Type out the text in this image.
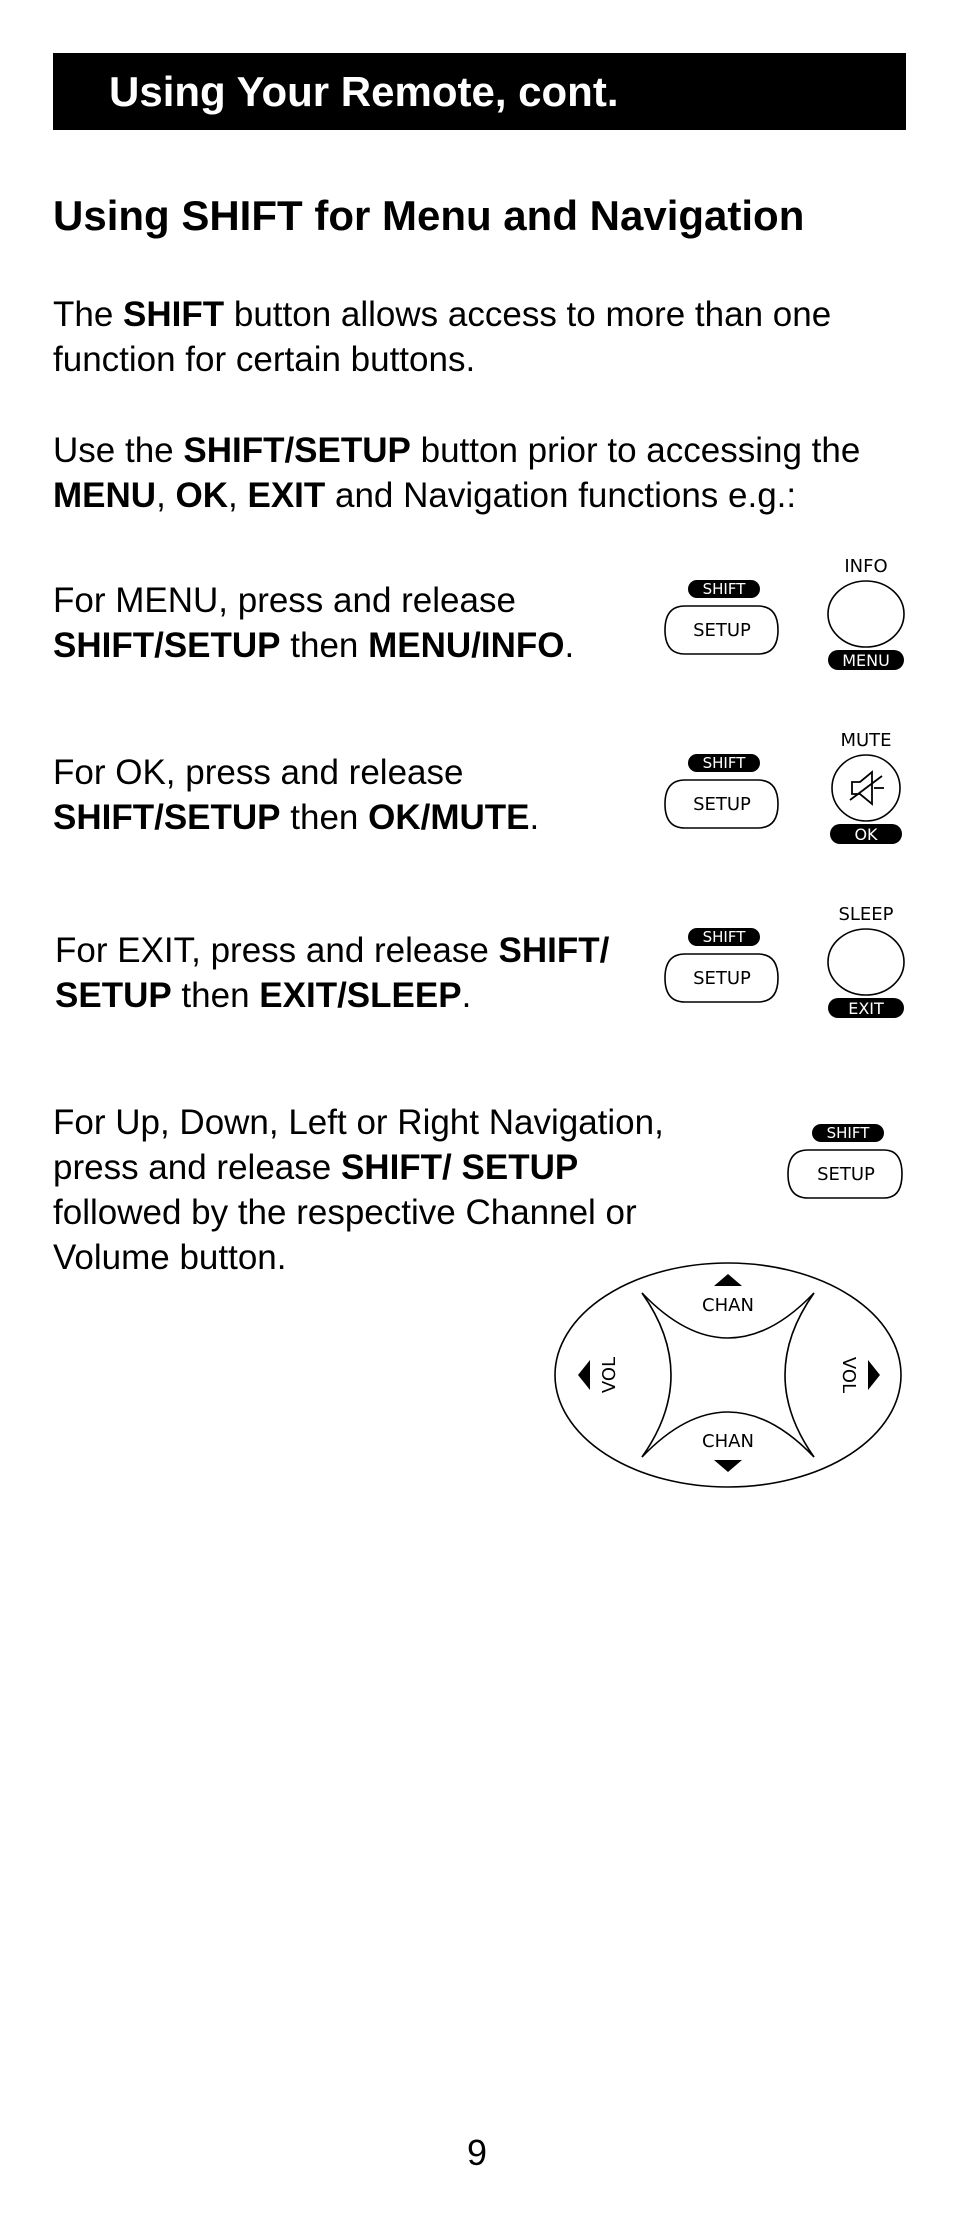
Using Your Remote, cont.
Using SHIFT for Menu and Navigation

The SHIFT button allows access to more than one function for certain buttons.

Use the SHIFT/SETUP button prior to accessing the MENU, OK, EXIT and Navigation functions e.g.:

For MENU, press and release SHIFT/SETUP then MENU/INFO.

For OK, press and release SHIFT/SETUP then OK/MUTE.

For EXIT, press and release SHIFT/ SETUP then EXIT/SLEEP.

For Up, Down, Left or Right Navigation, press and release SHIFT/ SETUP followed by the respective Channel or Volume button.

SHIFT
SETUP
INFO
MENU
SHIFT
SETUP
MUTE
OK
SHIFT
SETUP
SLEEP
EXIT
SHIFT
SETUP
CHAN
CHAN
VOL	VOL
9
